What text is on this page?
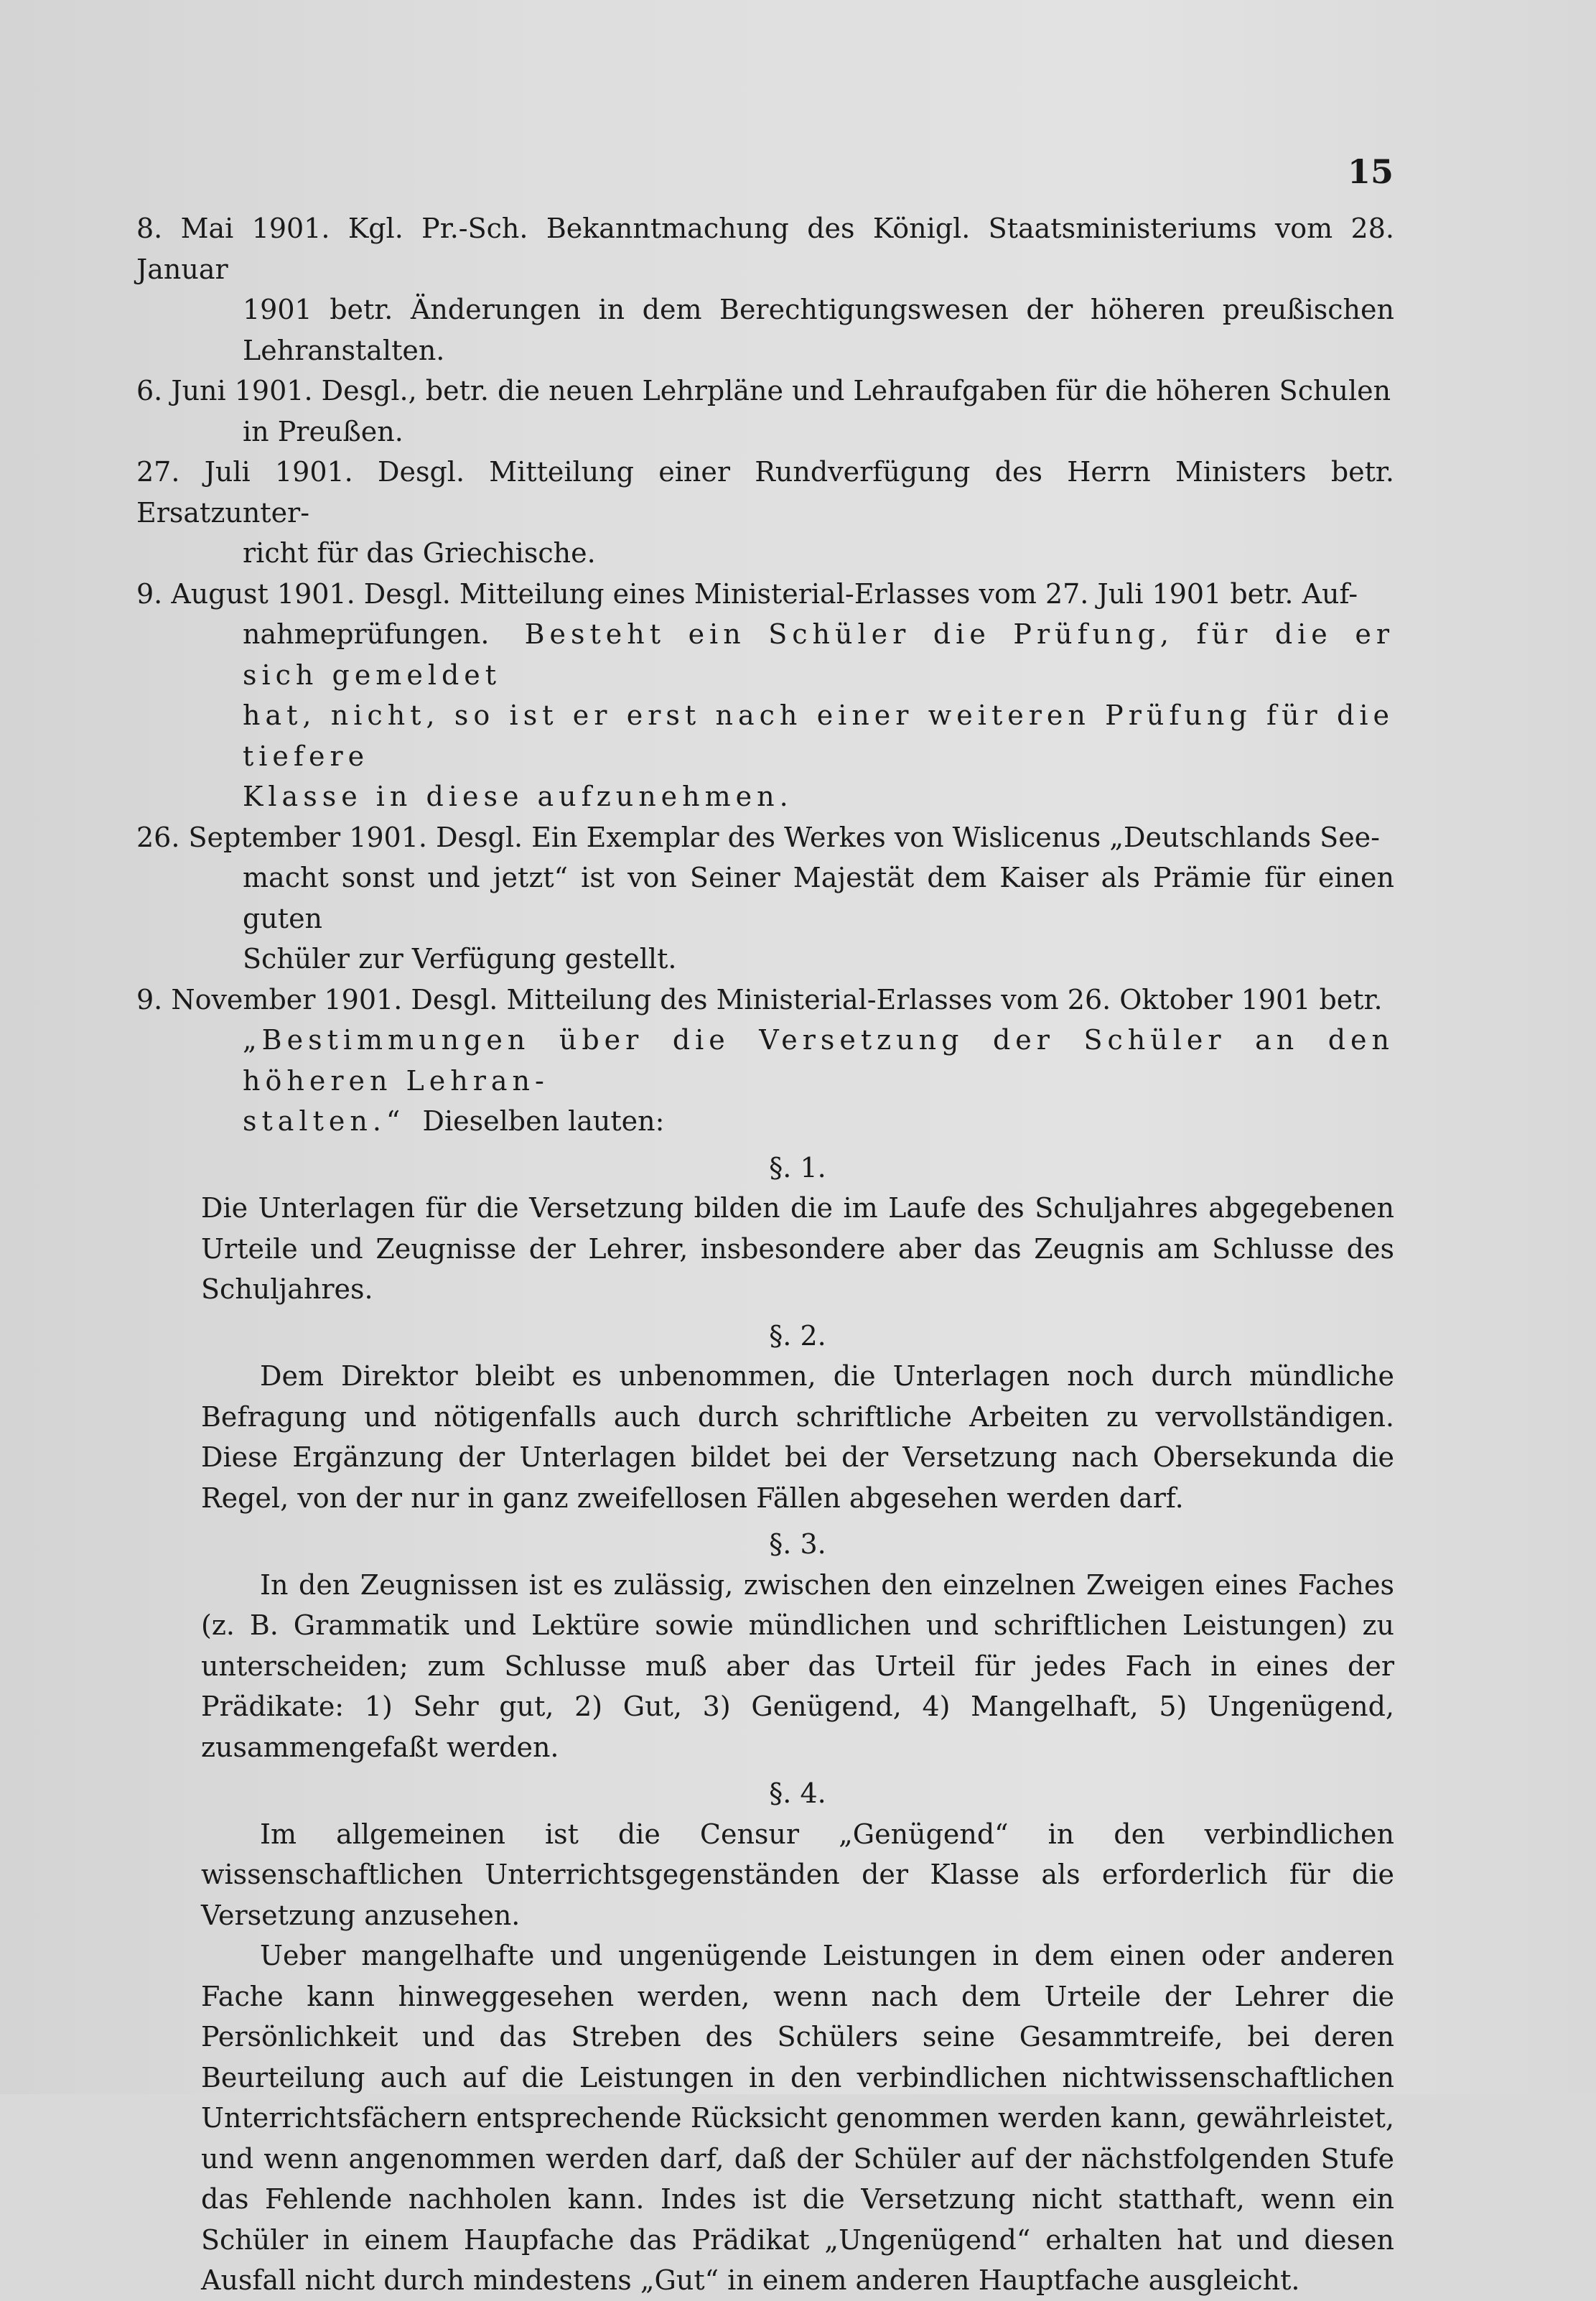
15
8. Mai 1901. Kgl. Pr.-Sch. Bekanntmachung des Königl. Staatsministeriums vom 28. Januar
1901 betr. Änderungen in dem Berechtigungswesen der höheren preußischen Lehranstalten.
6. Juni 1901. Desgl., betr. die neuen Lehrpläne und Lehraufgaben für die höheren Schulen
in Preußen.
27. Juli 1901. Desgl. Mitteilung einer Rundverfügung des Herrn Ministers betr. Ersatzunter-
richt für das Griechische.
9. August 1901. Desgl. Mitteilung eines Ministerial-Erlasses vom 27. Juli 1901 betr. Auf-
nahmeprüfungen. Besteht ein Schüler die Prüfung, für die er sich gemeldet
hat, nicht, so ist er erst nach einer weiteren Prüfung für die tiefere
Klasse in diese aufzunehmen.
26. September 1901. Desgl. Ein Exemplar des Werkes von Wislicenus „Deutschlands See-
macht sonst und jetzt“ ist von Seiner Majestät dem Kaiser als Prämie für einen guten
Schüler zur Verfügung gestellt.
9. November 1901. Desgl. Mitteilung des Ministerial-Erlasses vom 26. Oktober 1901 betr.
„Bestimmungen über die Versetzung der Schüler an den höheren Lehran-
stalten.“ Dieselben lauten:
§. 1.

Die Unterlagen für die Versetzung bilden die im Laufe des Schuljahres abgegebenen Urteile und Zeugnisse der Lehrer, insbesondere aber das Zeugnis am Schlusse des Schuljahres.

§. 2.

Dem Direktor bleibt es unbenommen, die Unterlagen noch durch mündliche Befragung und nötigenfalls auch durch schriftliche Arbeiten zu vervollständigen. Diese Ergänzung der Unterlagen bildet bei der Versetzung nach Obersekunda die Regel, von der nur in ganz zweifellosen Fällen abgesehen werden darf.

§. 3.

In den Zeugnissen ist es zulässig, zwischen den einzelnen Zweigen eines Faches (z. B. Grammatik und Lektüre sowie mündlichen und schriftlichen Leistungen) zu unterscheiden; zum Schlusse muß aber das Urteil für jedes Fach in eines der Prädikate: 1) Sehr gut, 2) Gut, 3) Genügend, 4) Mangelhaft, 5) Ungenügend, zusammengefaßt werden.

§. 4.

Im allgemeinen ist die Censur „Genügend“ in den verbindlichen wissenschaftlichen Unterrichtsgegenständen der Klasse als erforderlich für die Versetzung anzusehen.

Ueber mangelhafte und ungenügende Leistungen in dem einen oder anderen Fache kann hinweggesehen werden, wenn nach dem Urteile der Lehrer die Persönlichkeit und das Streben des Schülers seine Gesammtreife, bei deren Beurteilung auch auf die Leistungen in den verbindlichen nichtwissenschaftlichen Unterrichtsfächern entsprechende Rücksicht genommen werden kann, gewährleistet, und wenn angenommen werden darf, daß der Schüler auf der nächstfolgenden Stufe das Fehlende nachholen kann. Indes ist die Versetzung nicht statthaft, wenn ein Schüler in einem Haupfache das Prädikat „Ungenügend“ erhalten hat und diesen Ausfall nicht durch mindestens „Gut“ in einem anderen Hauptfache ausgleicht.
